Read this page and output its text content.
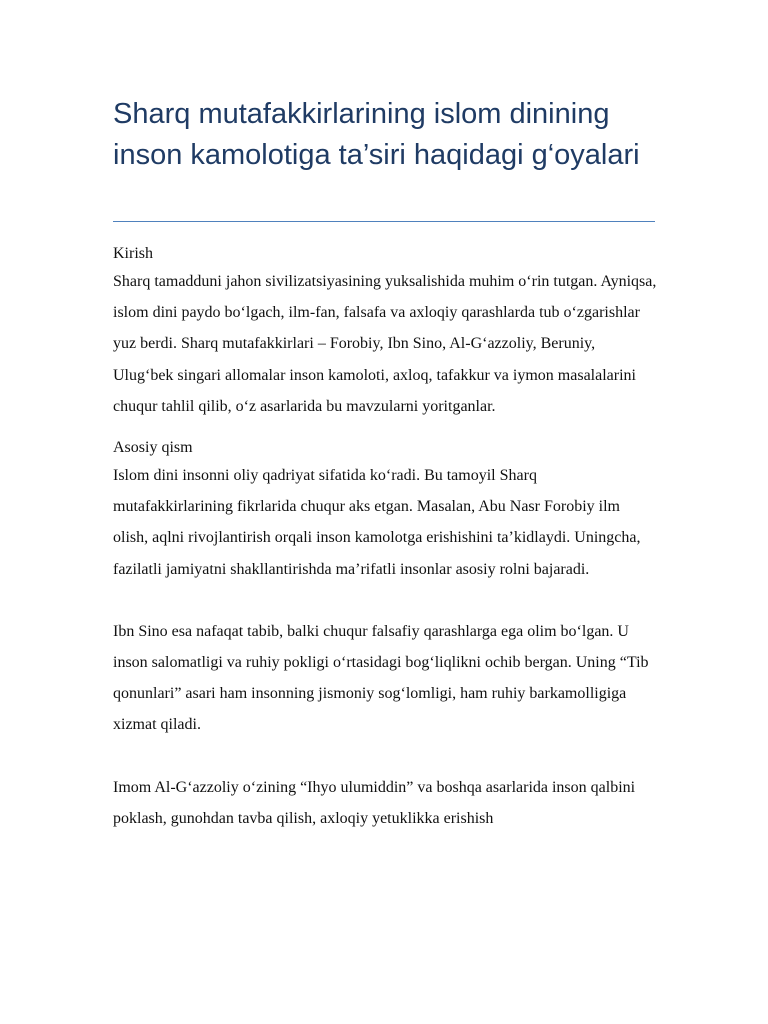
Sharq mutafakkirlarining islom dinining inson kamolotiga ta’siri haqidagi g‘oyalari
Kirish

Sharq tamadduni jahon sivilizatsiyasining yuksalishida muhim o‘rin tutgan. Ayniqsa, islom dini paydo bo‘lgach, ilm-fan, falsafa va axloqiy qarashlarda tub o‘zgarishlar yuz berdi. Sharq mutafakkirlari – Forobiy, Ibn Sino, Al-G‘azzoliy, Beruniy, Ulug‘bek singari allomalar inson kamoloti, axloq, tafakkur va iymon masalalarini chuqur tahlil qilib, o‘z asarlarida bu mavzularni yoritganlar.

Asosiy qism

Islom dini insonni oliy qadriyat sifatida ko‘radi. Bu tamoyil Sharq mutafakkirlarining fikrlarida chuqur aks etgan. Masalan, Abu Nasr Forobiy ilm olish, aqlni rivojlantirish orqali inson kamolotga erishishini ta’kidlaydi. Uningcha, fazilatli jamiyatni shakllantirishda ma’rifatli insonlar asosiy rolni bajaradi.

Ibn Sino esa nafaqat tabib, balki chuqur falsafiy qarashlarga ega olim bo‘lgan. U inson salomatligi va ruhiy pokligi o‘rtasidagi bog‘liqlikni ochib bergan. Uning “Tib qonunlari” asari ham insonning jismoniy sog‘lomligi, ham ruhiy barkamolligiga xizmat qiladi.

Imom Al-G‘azzoliy o‘zining “Ihyo ulumiddin” va boshqa asarlarida inson qalbini poklash, gunohdan tavba qilish, axloqiy yetuklikka erishish
